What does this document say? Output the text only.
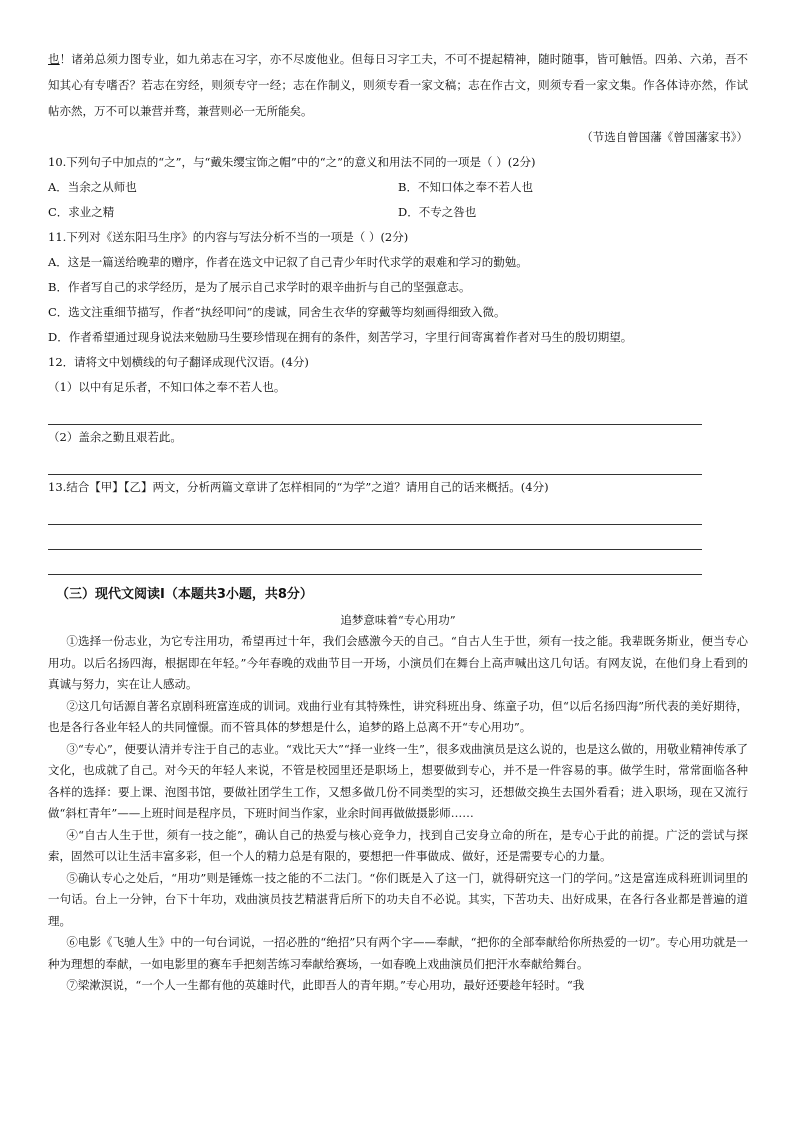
也！诸弟总须力图专业，如九弟志在习字，亦不尽废他业。但每日习字工夫，不可不提起精神，随时随事，皆可触悟。四弟、六弟，吾不知其心有专嗜否？若志在穷经，则须专守一经；志在作制义，则须专看一家文稿；志在作古文，则须专看一家文集。作各体诗亦然，作试帖亦然，万不可以兼营并骛，兼营则必一无所能矣。

（节选自曾国藩《曾国藩家书》）

10.下列句子中加点的“之”，与“戴朱缨宝饰之帽”中的“之”的意义和用法不同的一项是（ ）(2分)

A．当余之从师也	B．不知口体之奉不若人也
C．求业之精	D．不专之咎也

11.下列对《送东阳马生序》的内容与写法分析不当的一项是（ ）(2分)

A．这是一篇送给晚辈的赠序，作者在选文中记叙了自己青少年时代求学的艰难和学习的勤勉。

B．作者写自己的求学经历，是为了展示自己求学时的艰辛曲折与自己的坚强意志。

C．选文注重细节描写，作者“执经叩问”的虔诚，同舍生衣华的穿戴等均刻画得细致入微。

D．作者希望通过现身说法来勉励马生要珍惜现在拥有的条件，刻苦学习，字里行间寄寓着作者对马生的殷切期望。

12．请将文中划横线的句子翻译成现代汉语。(4分)

（1）以中有足乐者，不知口体之奉不若人也。

（2）盖余之勤且艰若此。

13.结合【甲】【乙】两文，分析两篇文章讲了怎样相同的“为学”之道？请用自己的话来概括。(4分)

（三）现代文阅读Ⅰ（本题共3小题，共8分）

追梦意味着“专心用功”

①选择一份志业，为它专注用功，希望再过十年，我们会感激今天的自己。“自古人生于世，须有一技之能。我辈既务斯业，便当专心用功。以后名扬四海，根据即在年轻。”今年春晚的戏曲节目一开场，小演员们在舞台上高声喊出这几句话。有网友说，在他们身上看到的真诚与努力，实在让人感动。

②这几句话源自著名京剧科班富连成的训词。戏曲行业有其特殊性，讲究科班出身、练童子功，但“以后名扬四海”所代表的美好期待，也是各行各业年轻人的共同憧憬。而不管具体的梦想是什么，追梦的路上总离不开“专心用功”。

③“专心”，便要认清并专注于自己的志业。“戏比天大”“择一业终一生”，很多戏曲演员是这么说的，也是这么做的，用敬业精神传承了文化，也成就了自己。对今天的年轻人来说，不管是校园里还是职场上，想要做到专心，并不是一件容易的事。做学生时，常常面临各种各样的选择：要上课、泡图书馆，要做社团学生工作，又想多做几份不同类型的实习，还想做交换生去国外看看；进入职场，现在又流行做“斜杠青年”——上班时间是程序员，下班时间当作家，业余时间再做做摄影师……

④“自古人生于世，须有一技之能”，确认自己的热爱与核心竞争力，找到自己安身立命的所在，是专心于此的前提。广泛的尝试与探索，固然可以让生活丰富多彩，但一个人的精力总是有限的，要想把一件事做成、做好，还是需要专心的力量。

⑤确认专心之处后，“用功”则是锤炼一技之能的不二法门。“你们既是入了这一门，就得研究这一门的学问。”这是富连成科班训词里的一句话。台上一分钟，台下十年功，戏曲演员技艺精湛背后所下的功夫自不必说。其实，下苦功夫、出好成果，在各行各业都是普遍的道理。

⑥电影《飞驰人生》中的一句台词说，一招必胜的“绝招”只有两个字——奉献，“把你的全部奉献给你所热爱的一切”。专心用功就是一种为理想的奉献，一如电影里的赛车手把刻苦练习奉献给赛场，一如春晚上戏曲演员们把汗水奉献给舞台。

⑦梁漱溟说，“一个人一生都有他的英雄时代，此即吾人的青年期。”专心用功，最好还要趁年轻时。“我
